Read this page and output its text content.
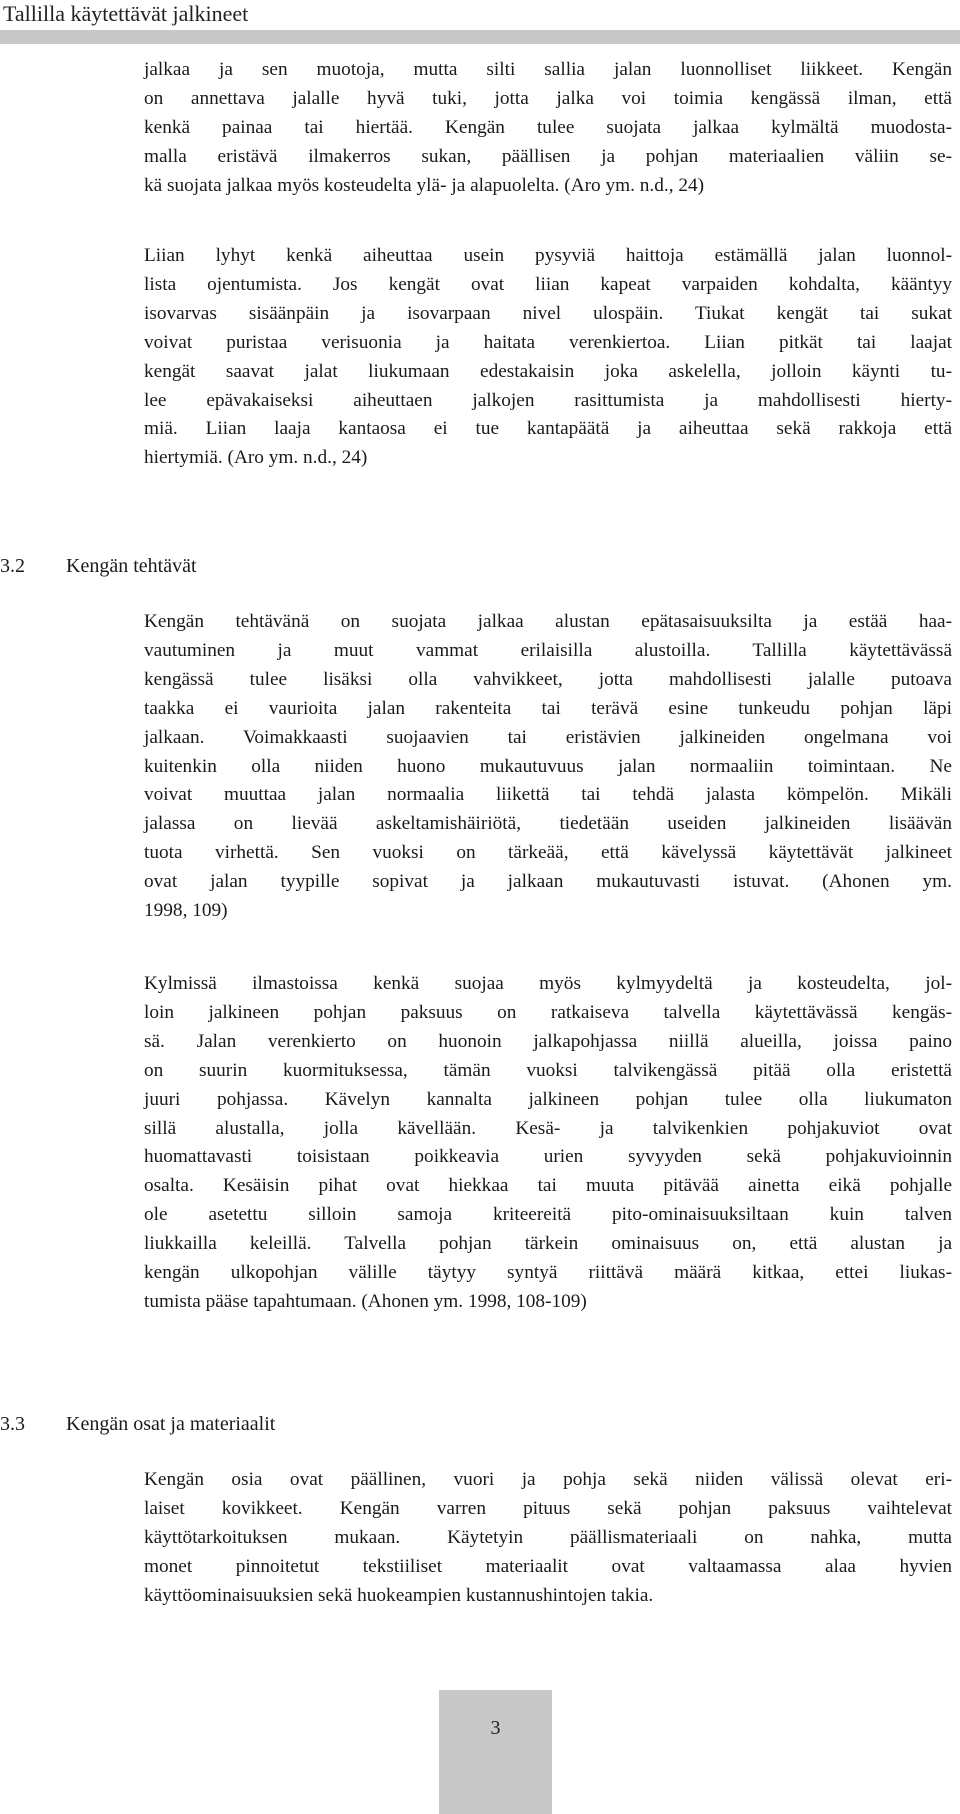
Tallilla käytettävät jalkineet
jalkaa ja sen muotoja, mutta silti sallia jalan luonnolliset liikkeet. Kengän
on annettava jalalle hyvä tuki, jotta jalka voi toimia kengässä ilman, että
kenkä painaa tai hiertää. Kengän tulee suojata jalkaa kylmältä muodosta-
malla eristävä ilmakerros sukan, päällisen ja pohjan materiaalien väliin se-
kä suojata jalkaa myös kosteudelta ylä- ja alapuolelta. (Aro ym. n.d., 24)
Liian lyhyt kenkä aiheuttaa usein pysyviä haittoja estämällä jalan luonnol-
lista ojentumista. Jos kengät ovat liian kapeat varpaiden kohdalta, kääntyy
isovarvas sisäänpäin ja isovarpaan nivel ulospäin. Tiukat kengät tai sukat
voivat puristaa verisuonia ja haitata verenkiertoa. Liian pitkät tai laajat
kengät saavat jalat liukumaan edestakaisin joka askelella, jolloin käynti tu-
lee epävakaiseksi aiheuttaen jalkojen rasittumista ja mahdollisesti hierty-
miä. Liian laaja kantaosa ei tue kantapäätä ja aiheuttaa sekä rakkoja että
hiertymiä. (Aro ym. n.d., 24)
3.2 Kengän tehtävät
Kengän tehtävänä on suojata jalkaa alustan epätasaisuuksilta ja estää haa-
vautuminen ja muut vammat erilaisilla alustoilla. Tallilla käytettävässä
kengässä tulee lisäksi olla vahvikkeet, jotta mahdollisesti jalalle putoava
taakka ei vaurioita jalan rakenteita tai terävä esine tunkeudu pohjan läpi
jalkaan. Voimakkaasti suojaavien tai eristävien jalkineiden ongelmana voi
kuitenkin olla niiden huono mukautuvuus jalan normaaliin toimintaan. Ne
voivat muuttaa jalan normaalia liikettä tai tehdä jalasta kömpelön. Mikäli
jalassa on lievää askeltamishäiriötä, tiedetään useiden jalkineiden lisäävän
tuota virhettä. Sen vuoksi on tärkeää, että kävelyssä käytettävät jalkineet
ovat jalan tyypille sopivat ja jalkaan mukautuvasti istuvat. (Ahonen ym.
1998, 109)
Kylmissä ilmastoissa kenkä suojaa myös kylmyydeltä ja kosteudelta, jol-
loin jalkineen pohjan paksuus on ratkaiseva talvella käytettävässä kengäs-
sä. Jalan verenkierto on huonoin jalkapohjassa niillä alueilla, joissa paino
on suurin kuormituksessa, tämän vuoksi talvikengässä pitää olla eristettä
juuri pohjassa. Kävelyn kannalta jalkineen pohjan tulee olla liukumaton
sillä alustalla, jolla kävellään. Kesä- ja talvikenkien pohjakuviot ovat
huomattavasti toisistaan poikkeavia urien syvyyden sekä pohjakuvioinnin
osalta. Kesäisin pihat ovat hiekkaa tai muuta pitävää ainetta eikä pohjalle
ole asetettu silloin samoja kriteereitä pito-ominaisuuksiltaan kuin talven
liukkailla keleillä. Talvella pohjan tärkein ominaisuus on, että alustan ja
kengän ulkopohjan välille täytyy syntyä riittävä määrä kitkaa, ettei liukas-
tumista pääse tapahtumaan. (Ahonen ym. 1998, 108-109)
3.3 Kengän osat ja materiaalit
Kengän osia ovat päällinen, vuori ja pohja sekä niiden välissä olevat eri-
laiset kovikkeet. Kengän varren pituus sekä pohjan paksuus vaihtelevat
käyttötarkoituksen mukaan. Käytetyin päällismateriaali on nahka, mutta
monet pinnoitetut tekstiiliset materiaalit ovat valtaamassa alaa hyvien
käyttöominaisuuksien sekä huokeampien kustannushintojen takia.
3
